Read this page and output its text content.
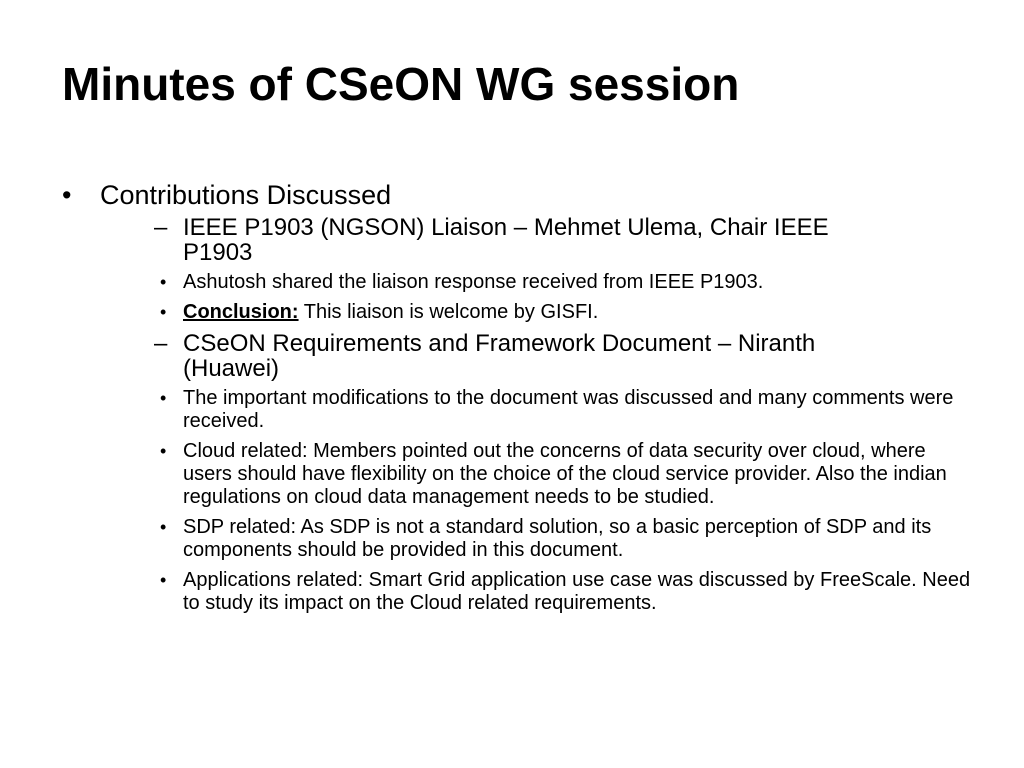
Minutes of CSeON WG session
• Contributions Discussed
– IEEE P1903 (NGSON) Liaison – Mehmet Ulema, Chair IEEE P1903
• Ashutosh shared the liaison response received from IEEE P1903.
• Conclusion: This liaison is welcome by GISFI.
– CSeON Requirements and Framework Document – Niranth (Huawei)
• The important modifications to the document was discussed and many comments were received.
• Cloud related: Members pointed out the concerns of data security over cloud, where users should have flexibility on the choice of the cloud service provider. Also the indian regulations on cloud data management needs to be studied.
• SDP related: As SDP is not a standard solution, so a basic perception of SDP and its components should be provided in this document.
• Applications related: Smart Grid application use case was discussed by FreeScale. Need to study its impact on the Cloud related requirements.
